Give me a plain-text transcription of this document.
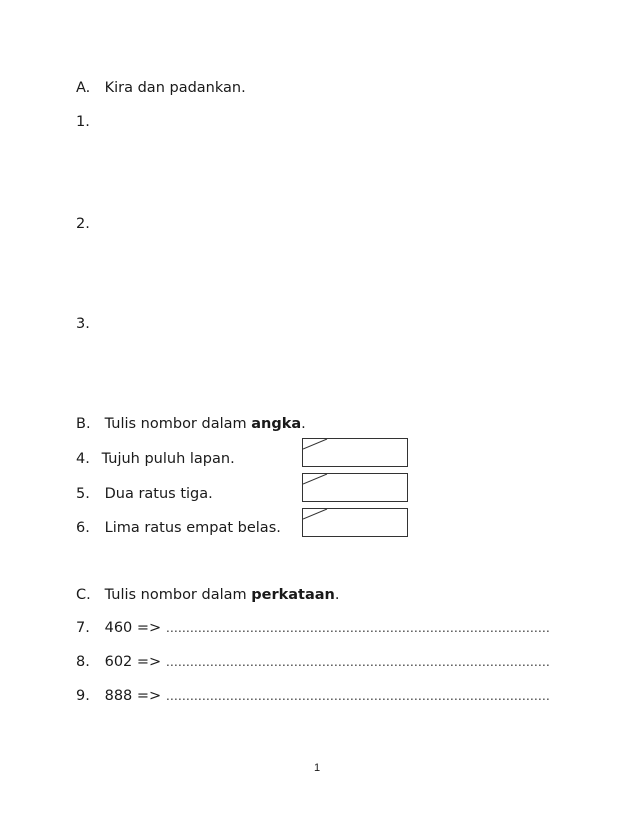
A. Kira dan padankan.
1.
2.
3.
B. Tulis nombor dalam angka.
4. Tujuh puluh lapan.
5. Dua ratus tiga.
6. Lima ratus empat belas.
C. Tulis nombor dalam perkataan.
7. 460 => ……………………………………………………………………………………
8. 602 => ……………………………………………………………………………………
9. 888 => ……………………………………………………………………………………
1
